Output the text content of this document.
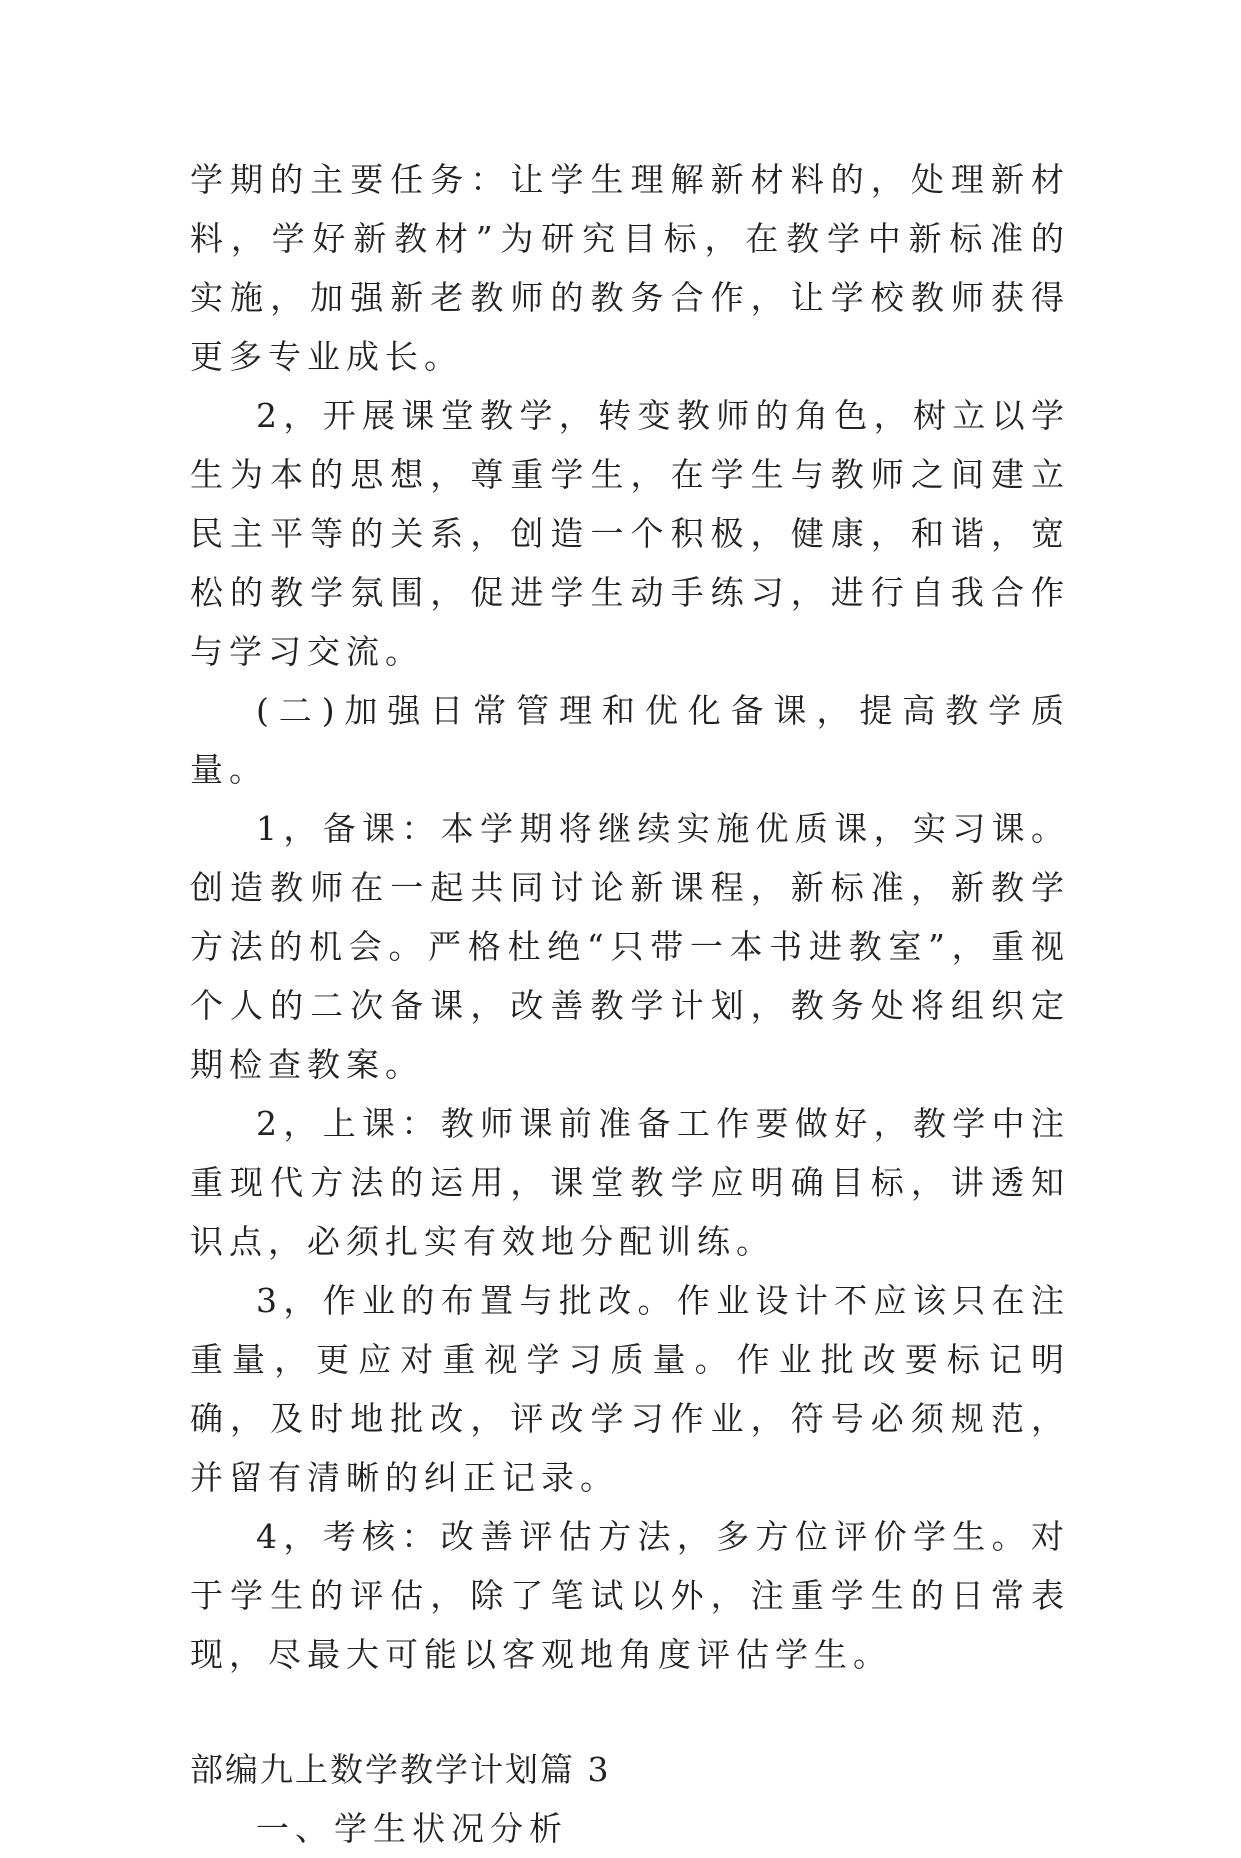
学期的主要任务：让学生理解新材料的，处理新材料，学好新教材”为研究目标，在教学中新标准的实施，加强新老教师的教务合作，让学校教师获得更多专业成长。

2，开展课堂教学，转变教师的角色，树立以学生为本的思想，尊重学生，在学生与教师之间建立民主平等的关系，创造一个积极，健康，和谐，宽松的教学氛围，促进学生动手练习，进行自我合作与学习交流。

(二)加强日常管理和优化备课，提高教学质量。

1，备课：本学期将继续实施优质课，实习课。创造教师在一起共同讨论新课程，新标准，新教学方法的机会。严格杜绝“只带一本书进教室”，重视个人的二次备课，改善教学计划，教务处将组织定期检查教案。

2，上课：教师课前准备工作要做好，教学中注重现代方法的运用，课堂教学应明确目标，讲透知识点，必须扎实有效地分配训练。

3，作业的布置与批改。作业设计不应该只在注重量，更应对重视学习质量。作业批改要标记明确，及时地批改，评改学习作业，符号必须规范，并留有清晰的纠正记录。

4，考核：改善评估方法，多方位评价学生。对于学生的评估，除了笔试以外，注重学生的日常表现，尽最大可能以客观地角度评估学生。

部编九上数学教学计划篇 3

一、学生状况分析
